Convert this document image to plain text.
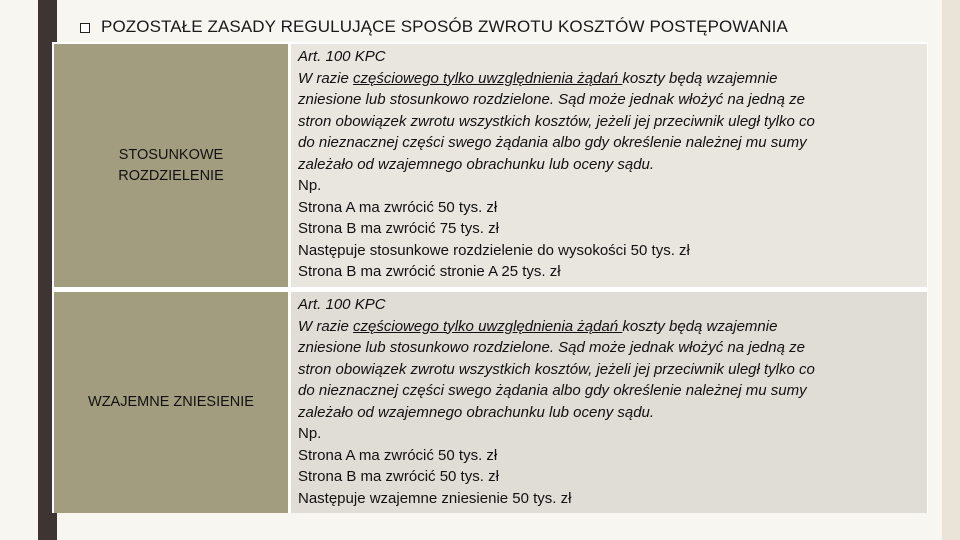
POZOSTAŁE ZASADY REGULUJĄCE SPOSÓB ZWROTU KOSZTÓW POSTĘPOWANIA
STOSUNKOWE
ROZDZIELENIE
Art. 100 KPC
W razie częściowego tylko uwzględnienia żądań koszty będą wzajemnie
zniesione lub stosunkowo rozdzielone. Sąd może jednak włożyć na jedną ze
stron obowiązek zwrotu wszystkich kosztów, jeżeli jej przeciwnik uległ tylko co
do nieznacznej części swego żądania albo gdy określenie należnej mu sumy
zależało od wzajemnego obrachunku lub oceny sądu.
Np.
Strona A ma zwrócić 50 tys. zł
Strona B ma zwrócić 75 tys. zł
Następuje stosunkowe rozdzielenie do wysokości 50 tys. zł
Strona B ma zwrócić stronie A 25 tys. zł
WZAJEMNE ZNIESIENIE
Art. 100 KPC
W razie częściowego tylko uwzględnienia żądań koszty będą wzajemnie
zniesione lub stosunkowo rozdzielone. Sąd może jednak włożyć na jedną ze
stron obowiązek zwrotu wszystkich kosztów, jeżeli jej przeciwnik uległ tylko co
do nieznacznej części swego żądania albo gdy określenie należnej mu sumy
zależało od wzajemnego obrachunku lub oceny sądu.
Np.
Strona A ma zwrócić 50 tys. zł
Strona B ma zwrócić 50 tys. zł
Następuje wzajemne zniesienie 50 tys. zł
